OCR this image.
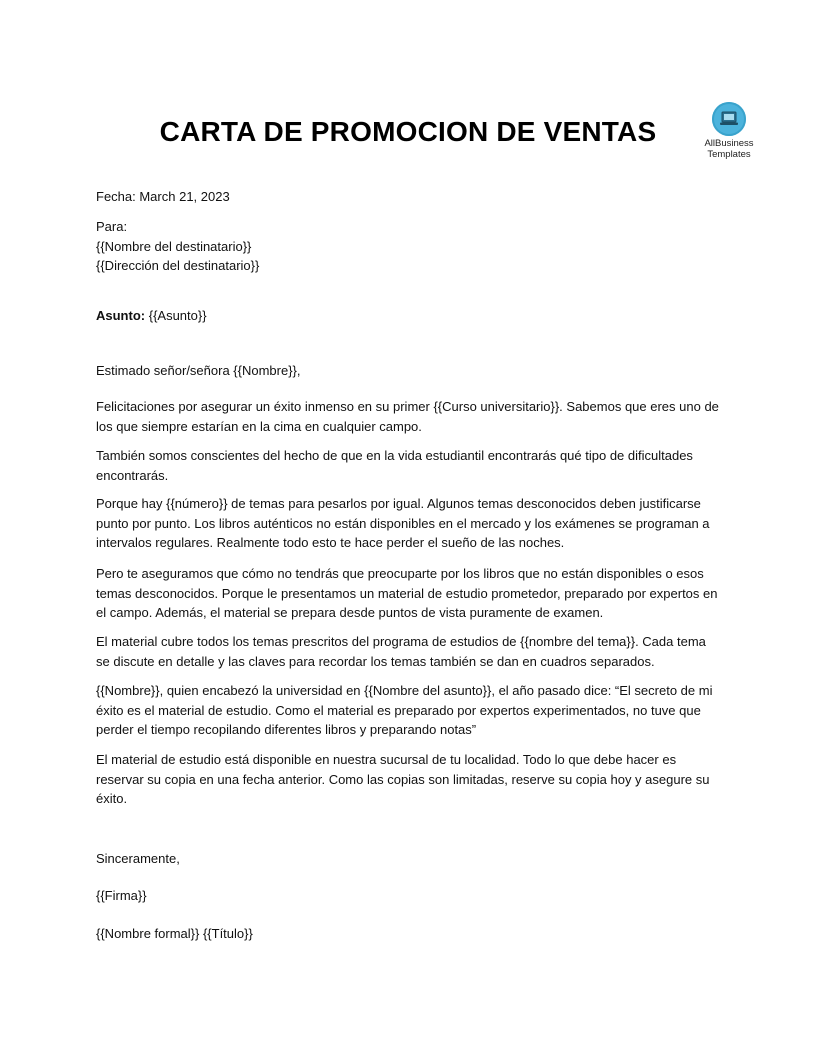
CARTA DE PROMOCION DE VENTAS	AllBusiness
Templates

Fecha: March 21, 2023

Para:
{{Nombre del destinatario}}
{{Dirección del destinatario}}

Asunto: {{Asunto}}

Estimado señor/señora {{Nombre}},

Felicitaciones por asegurar un éxito inmenso en su primer {{Curso universitario}}. Sabemos que eres uno de los que siempre estarían en la cima en cualquier campo.

También somos conscientes del hecho de que en la vida estudiantil encontrarás qué tipo de dificultades encontrarás.

Porque hay {{número}} de temas para pesarlos por igual. Algunos temas desconocidos deben justificarse punto por punto. Los libros auténticos no están disponibles en el mercado y los exámenes se programan a intervalos regulares. Realmente todo esto te hace perder el sueño de las noches.

Pero te aseguramos que cómo no tendrás que preocuparte por los libros que no están disponibles o esos temas desconocidos. Porque le presentamos un material de estudio prometedor, preparado por expertos en el campo. Además, el material se prepara desde puntos de vista puramente de examen.

El material cubre todos los temas prescritos del programa de estudios de {{nombre del tema}}. Cada tema se discute en detalle y las claves para recordar los temas también se dan en cuadros separados.

{{Nombre}}, quien encabezó la universidad en {{Nombre del asunto}}, el año pasado dice: “El secreto de mi éxito es el material de estudio. Como el material es preparado por expertos experimentados, no tuve que perder el tiempo recopilando diferentes libros y preparando notas”

El material de estudio está disponible en nuestra sucursal de tu localidad. Todo lo que debe hacer es reservar su copia en una fecha anterior. Como las copias son limitadas, reserve su copia hoy y asegure su éxito.

Sinceramente,

{{Firma}}

{{Nombre formal}} {{Título}}
